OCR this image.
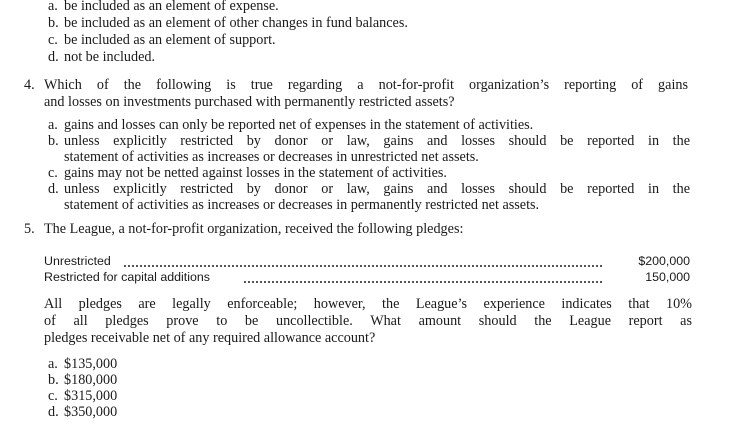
a. be included as an element of expense.
b. be included as an element of other changes in fund balances.
c. be included as an element of support.
d. not be included.
4. Which of the following is true regarding a not-for-profit organization’s reporting of gains
and losses on investments purchased with permanently restricted assets?
a. gains and losses can only be reported net of expenses in the statement of activities.
b. unless explicitly restricted by donor or law, gains and losses should be reported in the
statement of activities as increases or decreases in unrestricted net assets.
c. gains may not be netted against losses in the statement of activities.
d. unless explicitly restricted by donor or law, gains and losses should be reported in the
statement of activities as increases or decreases in permanently restricted net assets.
5. The League, a not-for-profit organization, received the following pledges:
Unrestricted	$200,000
Restricted for capital additions	150,000
All pledges are legally enforceable; however, the League’s experience indicates that 10%
of all pledges prove to be uncollectible. What amount should the League report as
pledges receivable net of any required allowance account?
a. $135,000
b. $180,000
c. $315,000
d. $350,000
